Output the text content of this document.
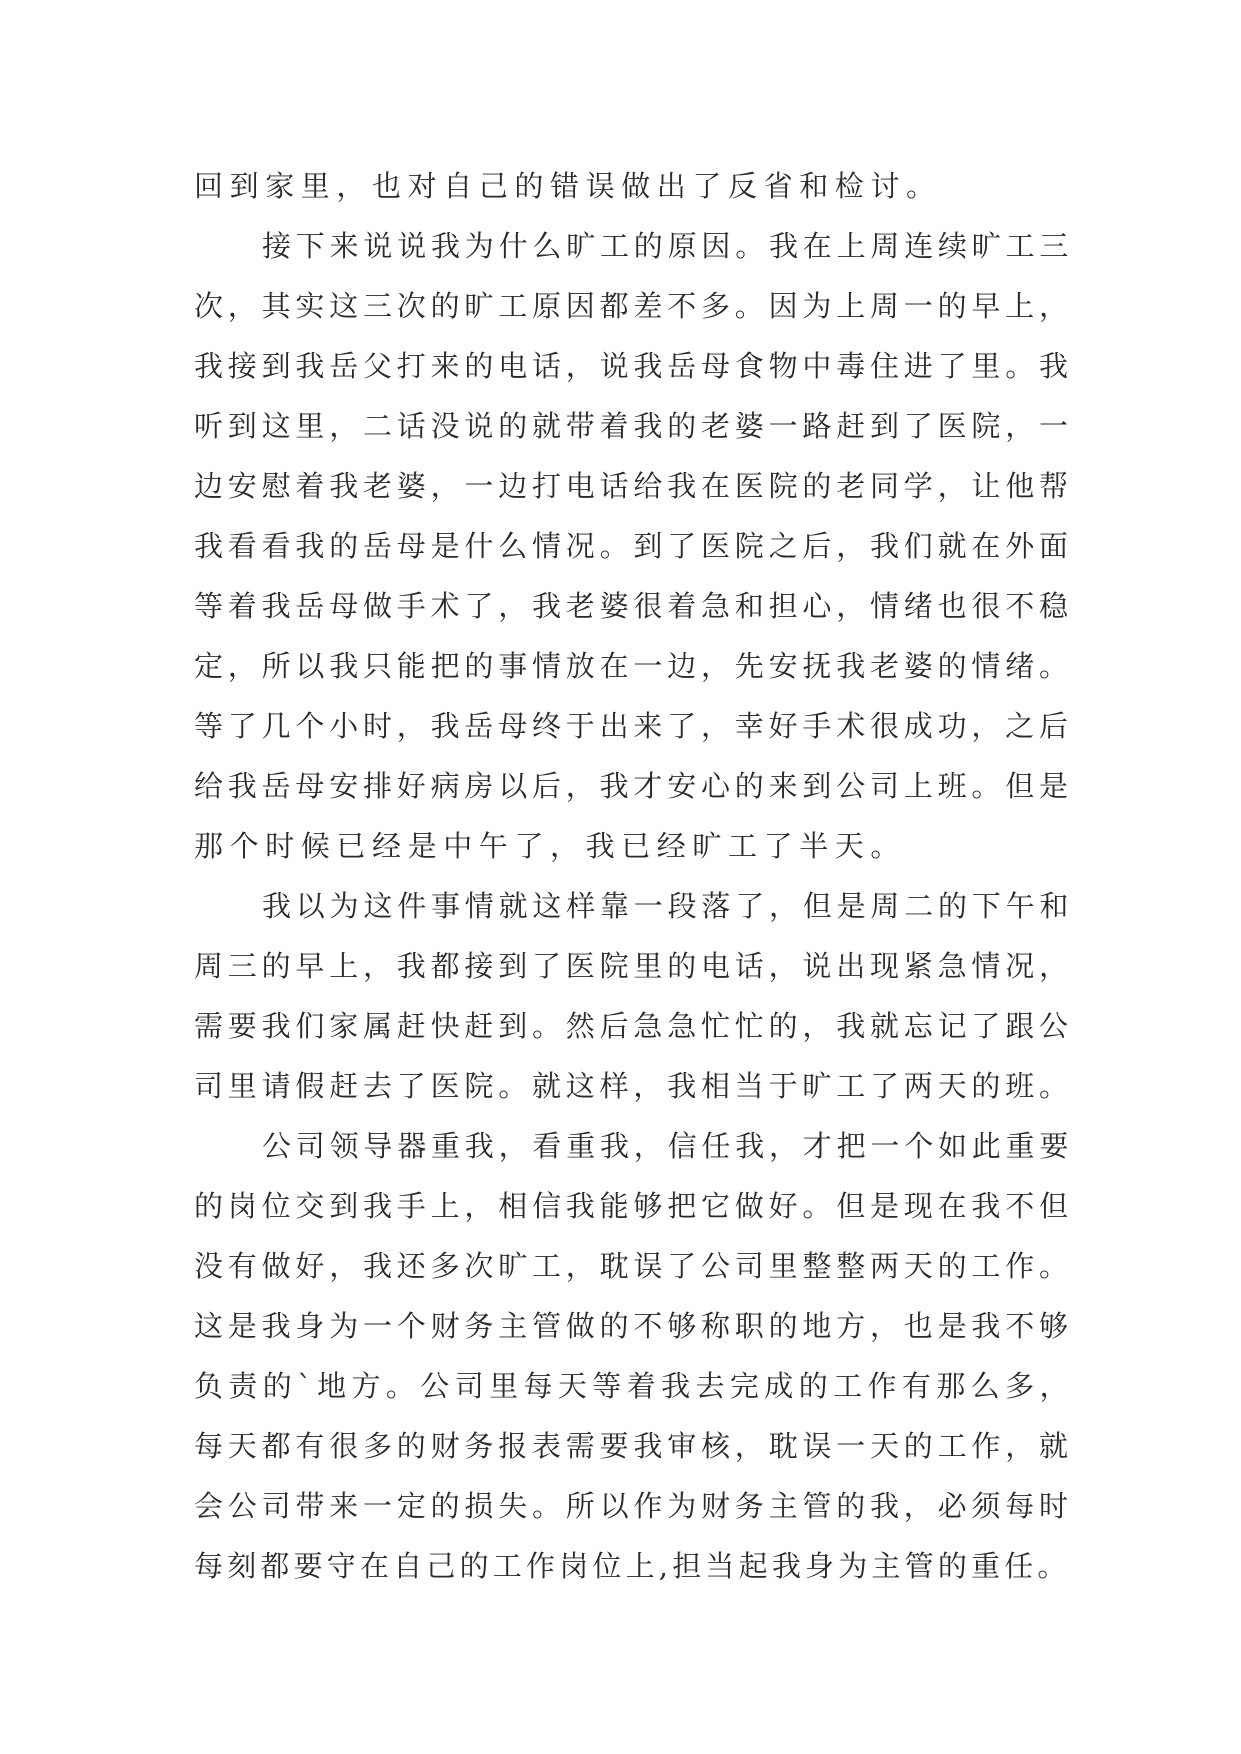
回到家里，也对自己的错误做出了反省和检讨。
接下来说说我为什么旷工的原因。我在上周连续旷工三
次，其实这三次的旷工原因都差不多。因为上周一的早上，
我接到我岳父打来的电话，说我岳母食物中毒住进了里。我
听到这里，二话没说的就带着我的老婆一路赶到了医院，一
边安慰着我老婆，一边打电话给我在医院的老同学，让他帮
我看看我的岳母是什么情况。到了医院之后，我们就在外面
等着我岳母做手术了，我老婆很着急和担心，情绪也很不稳
定，所以我只能把的事情放在一边，先安抚我老婆的情绪。
等了几个小时，我岳母终于出来了，幸好手术很成功，之后
给我岳母安排好病房以后，我才安心的来到公司上班。但是
那个时候已经是中午了，我已经旷工了半天。
我以为这件事情就这样靠一段落了，但是周二的下午和
周三的早上，我都接到了医院里的电话，说出现紧急情况，
需要我们家属赶快赶到。然后急急忙忙的，我就忘记了跟公
司里请假赶去了医院。就这样，我相当于旷工了两天的班。
公司领导器重我，看重我，信任我，才把一个如此重要
的岗位交到我手上，相信我能够把它做好。但是现在我不但
没有做好，我还多次旷工，耽误了公司里整整两天的工作。
这是我身为一个财务主管做的不够称职的地方，也是我不够
负责的`地方。公司里每天等着我去完成的工作有那么多，
每天都有很多的财务报表需要我审核，耽误一天的工作，就
会公司带来一定的损失。所以作为财务主管的我，必须每时
每刻都要守在自己的工作岗位上,担当起我身为主管的重任。
